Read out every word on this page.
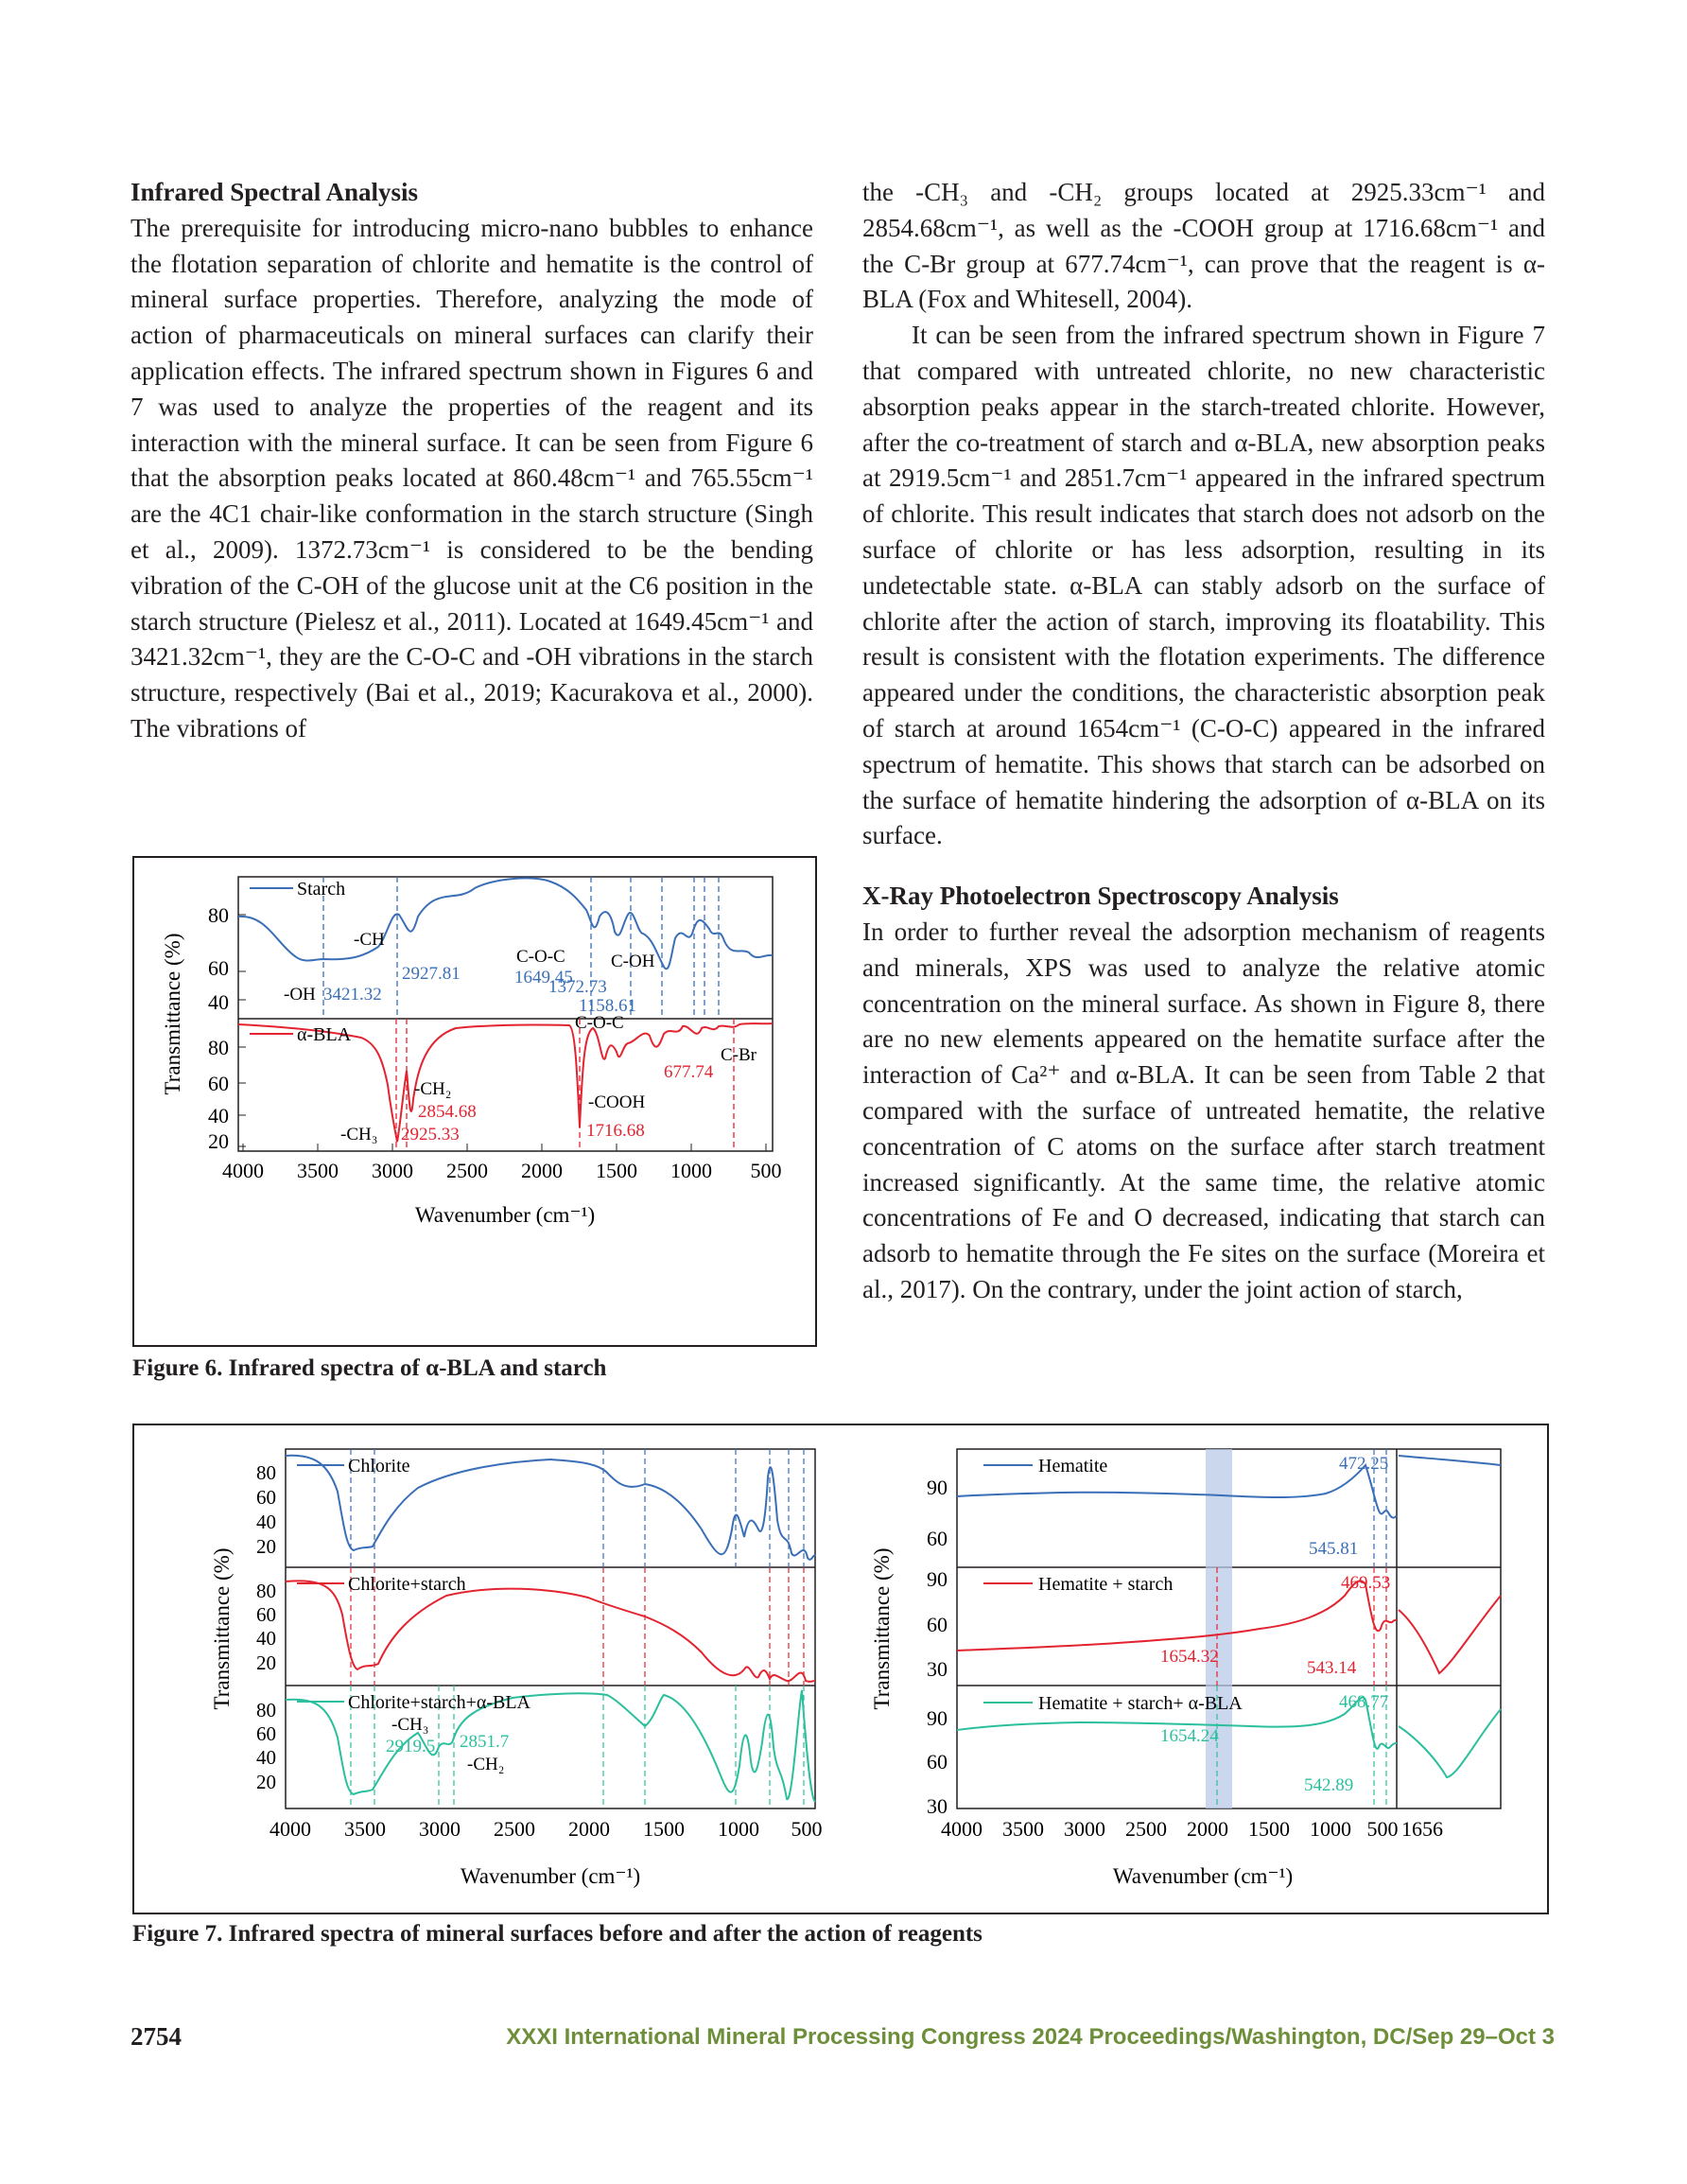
Infrared Spectral Analysis

The prerequisite for introducing micro-nano bubbles to enhance the flotation separation of chlorite and hematite is the control of mineral surface properties. Therefore, analyzing the mode of action of pharmaceuticals on mineral surfaces can clarify their application effects. The infrared spectrum shown in Figures 6 and 7 was used to analyze the properties of the reagent and its interaction with the mineral surface. It can be seen from Figure 6 that the absorption peaks located at 860.48cm⁻¹ and 765.55cm⁻¹ are the 4C1 chair-like conformation in the starch structure (Singh et al., 2009). 1372.73cm⁻¹ is considered to be the bending vibration of the C-OH of the glucose unit at the C6 position in the starch structure (Pielesz et al., 2011). Located at 1649.45cm⁻¹ and 3421.32cm⁻¹, they are the C-O-C and -OH vibrations in the starch structure, respectively (Bai et al., 2019; Kacurakova et al., 2000). The vibrations of

the -CH₃ and -CH₂ groups located at 2925.33cm⁻¹ and 2854.68cm⁻¹, as well as the -COOH group at 1716.68cm⁻¹ and the C-Br group at 677.74cm⁻¹, can prove that the reagent is α-BLA (Fox and Whitesell, 2004).

It can be seen from the infrared spectrum shown in Figure 7 that compared with untreated chlorite, no new characteristic absorption peaks appear in the starch-treated chlorite. However, after the co-treatment of starch and α-BLA, new absorption peaks at 2919.5cm⁻¹ and 2851.7cm⁻¹ appeared in the infrared spectrum of chlorite. This result indicates that starch does not adsorb on the surface of chlorite or has less adsorption, resulting in its undetectable state. α-BLA can stably adsorb on the surface of chlorite after the action of starch, improving its floatability. This result is consistent with the flotation experiments. The difference appeared under the conditions, the characteristic absorption peak of starch at around 1654cm⁻¹ (C-O-C) appeared in the infrared spectrum of hematite. This shows that starch can be adsorbed on the surface of hematite hindering the adsorption of α-BLA on its surface.

X-Ray Photoelectron Spectroscopy Analysis

In order to further reveal the adsorption mechanism of reagents and minerals, XPS was used to analyze the relative atomic concentration on the mineral surface. As shown in Figure 8, there are no new elements appeared on the hematite surface after the interaction of Ca²⁺ and α-BLA. It can be seen from Table 2 that compared with the surface of untreated hematite, the relative concentration of C atoms on the surface after starch treatment increased significantly. At the same time, the relative atomic concentrations of Fe and O decreased, indicating that starch can adsorb to hematite through the Fe sites on the surface (Moreira et al., 2017). On the contrary, under the joint action of starch,

80
60
40
80
60
40
20
4000 3500 3000 2500 2000 1500 1000 500
Wavenumber (cm⁻¹)
Transmittance (%)
Starch
α-BLA
-CH
2927.81
-OH 3421.32
C-O-C
1649.45
C-OH
1372.73
1158.61
C-O-C
-CH₂
2854.68
-CH₃ 2925.33
-COOH
1716.68
C-Br
677.74
Figure 6. Infrared spectra of α-BLA and starch
Transmittance (%)
80
60
40
20
80
60
40
20
80
60
40
20
4000 3500 3000 2500 2000 1500 1000 500
Wavenumber (cm⁻¹)
Chlorite
Chlorite+starch
Chlorite+starch+α-BLA
-CH₃
2919.5 2851.7
-CH₂
Transmittance (%)
90
60
90
60
30
90
60
30
4000 3500 3000 2500 2000 1500 1000 500 1656
Wavenumber (cm⁻¹)
Hematite
Hematite + starch
Hematite + starch+ α-BLA
472.25
545.81
469.53
1654.32
543.14
468.77
1654.24
542.89
Figure 7. Infrared spectra of mineral surfaces before and after the action of reagents
2754	XXXI International Mineral Processing Congress 2024 Proceedings/Washington, DC/Sep 29–Oct 3
